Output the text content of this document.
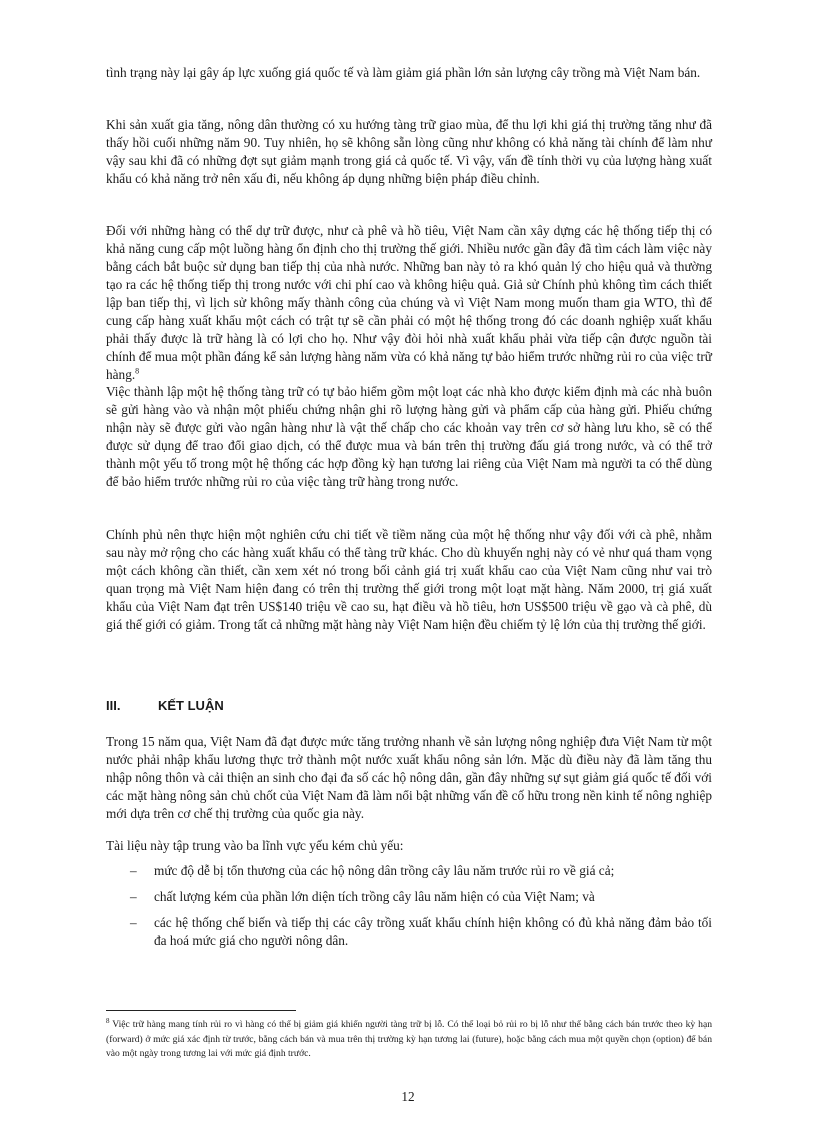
tình trạng này lại gây áp lực xuống giá quốc tế và làm giảm giá phần lớn sản lượng cây trồng mà Việt Nam bán.

Khi sản xuất gia tăng, nông dân thường có xu hướng tàng trữ giao mùa, để thu lợi khi giá thị trường tăng như đã thấy hồi cuối những năm 90. Tuy nhiên, họ sẽ không sẵn lòng cũng như không có khả năng tài chính để làm như vậy sau khi đã có những đợt sụt giảm mạnh trong giá cả quốc tế. Vì vậy, vấn đề tính thời vụ của lượng hàng xuất khẩu có khả năng trở nên xấu đi, nếu không áp dụng những biện pháp điều chỉnh.

Đối với những hàng có thể dự trữ được, như cà phê và hồ tiêu, Việt Nam cần xây dựng các hệ thống tiếp thị có khả năng cung cấp một luồng hàng ổn định cho thị trường thế giới. Nhiều nước gần đây đã tìm cách làm việc này bằng cách bắt buộc sử dụng ban tiếp thị của nhà nước. Những ban này tỏ ra khó quản lý cho hiệu quả và thường tạo ra các hệ thống tiếp thị trong nước với chi phí cao và không hiệu quả. Giả sử Chính phủ không tìm cách thiết lập ban tiếp thị, vì lịch sử không mấy thành công của chúng và vì Việt Nam mong muốn tham gia WTO, thì để cung cấp hàng xuất khẩu một cách có trật tự sẽ cần phải có một hệ thống trong đó các doanh nghiệp xuất khẩu phải thấy được là trữ hàng là có lợi cho họ. Như vậy đòi hỏi nhà xuất khẩu phải vừa tiếp cận được nguồn tài chính để mua một phần đáng kể sản lượng hàng năm vừa có khả năng tự bảo hiểm trước những rủi ro của việc trữ hàng.$^8$

Việc thành lập một hệ thống tàng trữ có tự bảo hiểm gồm một loạt các nhà kho được kiểm định mà các nhà buôn sẽ gửi hàng vào và nhận một phiếu chứng nhận ghi rõ lượng hàng gửi và phẩm cấp của hàng gửi. Phiếu chứng nhận này sẽ được gửi vào ngân hàng như là vật thế chấp cho các khoản vay trên cơ sở hàng lưu kho, sẽ có thể được sử dụng để trao đổi giao dịch, có thể được mua và bán trên thị trường đấu giá trong nước, và có thể trở thành một yếu tố trong một hệ thống các hợp đồng kỳ hạn tương lai riêng của Việt Nam mà người ta có thể dùng để bảo hiểm trước những rủi ro của việc tàng trữ hàng trong nước.

Chính phủ nên thực hiện một nghiên cứu chi tiết về tiềm năng của một hệ thống như vậy đối với cà phê, nhằm sau này mở rộng cho các hàng xuất khẩu có thể tàng trữ khác. Cho dù khuyến nghị này có vẻ như quá tham vọng một cách không cần thiết, cần xem xét nó trong bối cảnh giá trị xuất khẩu cao của Việt Nam cũng như vai trò quan trọng mà Việt Nam hiện đang có trên thị trường thế giới trong một loạt mặt hàng. Năm 2000, trị giá xuất khẩu của Việt Nam đạt trên US$140 triệu về cao su, hạt điều và hồ tiêu, hơn US$500 triệu về gạo và cà phê, dù giá thế giới có giảm. Trong tất cả những mặt hàng này Việt Nam hiện đều chiếm tỷ lệ lớn của thị trường thế giới.

III.	KẾT LUẬN

Trong 15 năm qua, Việt Nam đã đạt được mức tăng trưởng nhanh về sản lượng nông nghiệp đưa Việt Nam từ một nước phải nhập khẩu lương thực trở thành một nước xuất khẩu nông sản lớn. Mặc dù điều này đã làm tăng thu nhập nông thôn và cải thiện an sinh cho đại đa số các hộ nông dân, gần đây những sự sụt giảm giá quốc tế đối với các mặt hàng nông sản chủ chốt của Việt Nam đã làm nổi bật những vấn đề cố hữu trong nền kinh tế nông nghiệp mới dựa trên cơ chế thị trường của quốc gia này.

Tài liệu này tập trung vào ba lĩnh vực yếu kém chủ yếu:

– mức độ dễ bị tổn thương của các hộ nông dân trồng cây lâu năm trước rủi ro về giá cả;
– chất lượng kém của phần lớn diện tích trồng cây lâu năm hiện có của Việt Nam; và
– các hệ thống chế biến và tiếp thị các cây trồng xuất khẩu chính hiện không có đủ khả năng đảm bảo tối đa hoá mức giá cho người nông dân.
$^8$ Việc trữ hàng mang tính rủi ro vì hàng có thể bị giảm giá khiến người tàng trữ bị lỗ. Có thể loại bỏ rủi ro bị lỗ như thế bằng cách bán trước theo kỳ hạn (forward) ở mức giá xác định từ trước, bằng cách bán và mua trên thị trường kỳ hạn tương lai (future), hoặc bằng cách mua một quyền chọn (option) để bán vào một ngày trong tương lai với mức giá định trước.
12
